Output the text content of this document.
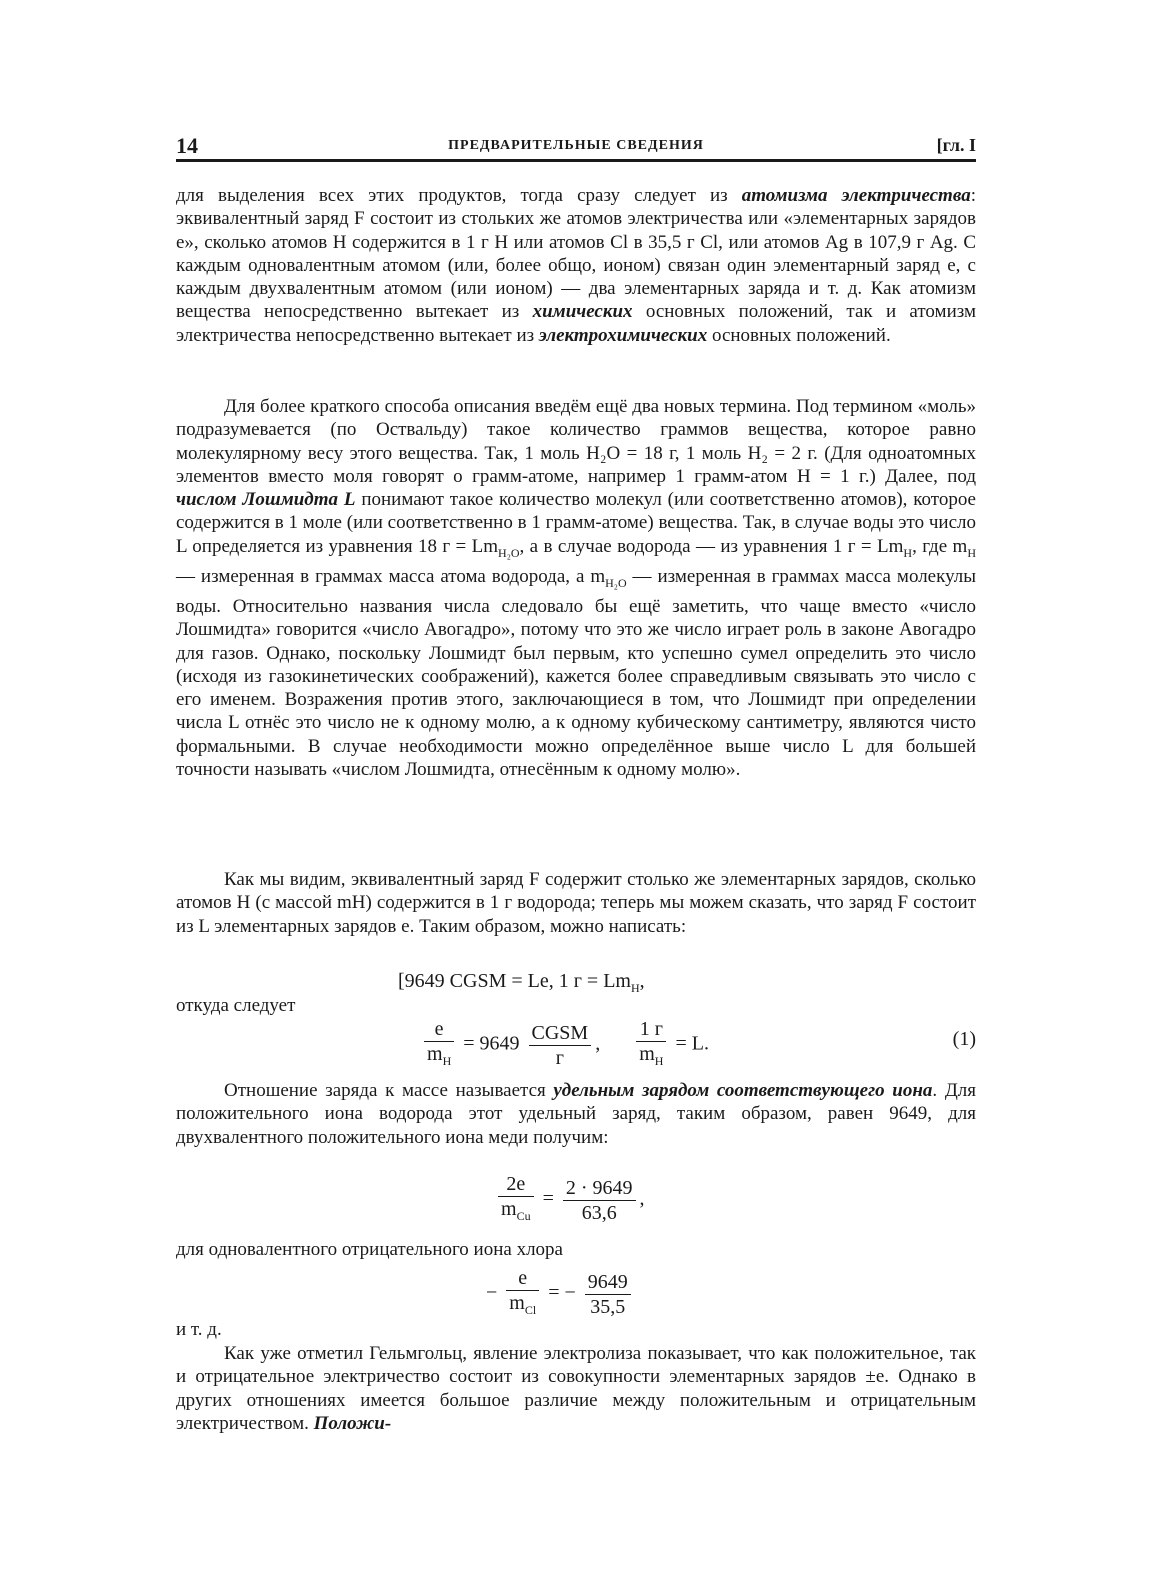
14	ПРЕДВАРИТЕЛЬНЫЕ СВЕДЕНИЯ	[гл. I

для выделения всех этих продуктов, тогда сразу следует из атомизма электричества: эквивалентный заряд F состоит из стольких же атомов электричества или «элементарных зарядов e», сколько атомов H содержится в 1 г H или атомов Cl в 35,5 г Cl, или атомов Ag в 107,9 г Ag. С каждым одновалентным атомом (или, более общо, ионом) связан один элементарный заряд e, с каждым двухвалентным атомом (или ионом) — два элементарных заряда и т. д. Как атомизм вещества непосредственно вытекает из химических основных положений, так и атомизм электричества непосредственно вытекает из электрохимических основных положений.

Для более краткого способа описания введём ещё два новых термина. Под термином «моль» подразумевается (по Оствальду) такое количество граммов вещества, которое равно молекулярному весу этого вещества. Так, 1 моль H₂O = 18 г, 1 моль H₂ = 2 г. (Для одноатомных элементов вместо моля говорят о грамм-атоме, например 1 грамм-атом H = 1 г.) Далее, под числом Лошмидта L понимают такое количество молекул (или соответственно атомов), которое содержится в 1 моле (или соответственно в 1 грамм-атоме) вещества. Так, в случае воды это число L определяется из уравнения 18 $г = Lm_{H_2O}$, а в случае водорода — из уравнения 1 $г = Lm_H$, где $m_H$ — измеренная в граммах масса атома водорода, а $m_{H_2O}$ — измеренная в граммах масса молекулы воды. Относительно названия числа следовало бы ещё заметить, что чаще вместо «число Лошмидта» говорится «число Авогадро», потому что это же число играет роль в законе Авогадро для газов. Однако, поскольку Лошмидт был первым, кто успешно сумел определить это число (исходя из газокинетических соображений), кажется более справедливым связывать это число с его именем. Возражения против этого, заключающиеся в том, что Лошмидт при определении числа L отнёс это число не к одному молю, а к одному кубическому сантиметру, являются чисто формальными. В случае необходимости можно определённое выше число L для большей точности называть «числом Лошмидта, отнесённым к одному молю».

Как мы видим, эквивалентный заряд F содержит столько же элементарных зарядов, сколько атомов H (с массой mH) содержится в 1 г водорода; теперь мы можем сказать, что заряд F состоит из L элементарных зарядов e. Таким образом, можно написать:

[9649 CGSM = Le, 1 $г = Lm_H$,
откуда следует
$\frac{e}{m_H} = 9649 \frac{\text{CGSM}}{г}$ , $\frac{1 г}{m_H} = L$.	(1)

Отношение заряда к массе называется удельным зарядом соответствующего иона. Для положительного иона водорода этот удельный заряд, таким образом, равен 9649, для двухвалентного положительного иона меди получим:

$\frac{2e}{m_{Cu}} = \frac{2 \cdot 9649}{63,6}$ ,

для одновалентного отрицательного иона хлора

− $\frac{e}{m_{Cl}}$ = − $\frac{9649}{35,5}$

и т. д.

Как уже отметил Гельмгольц, явление электролиза показывает, что как положительное, так и отрицательное электричество состоит из совокупности элементарных зарядов ±e. Однако в других отношениях имеется большое различие между положительным и отрицательным электричеством. Положи-
